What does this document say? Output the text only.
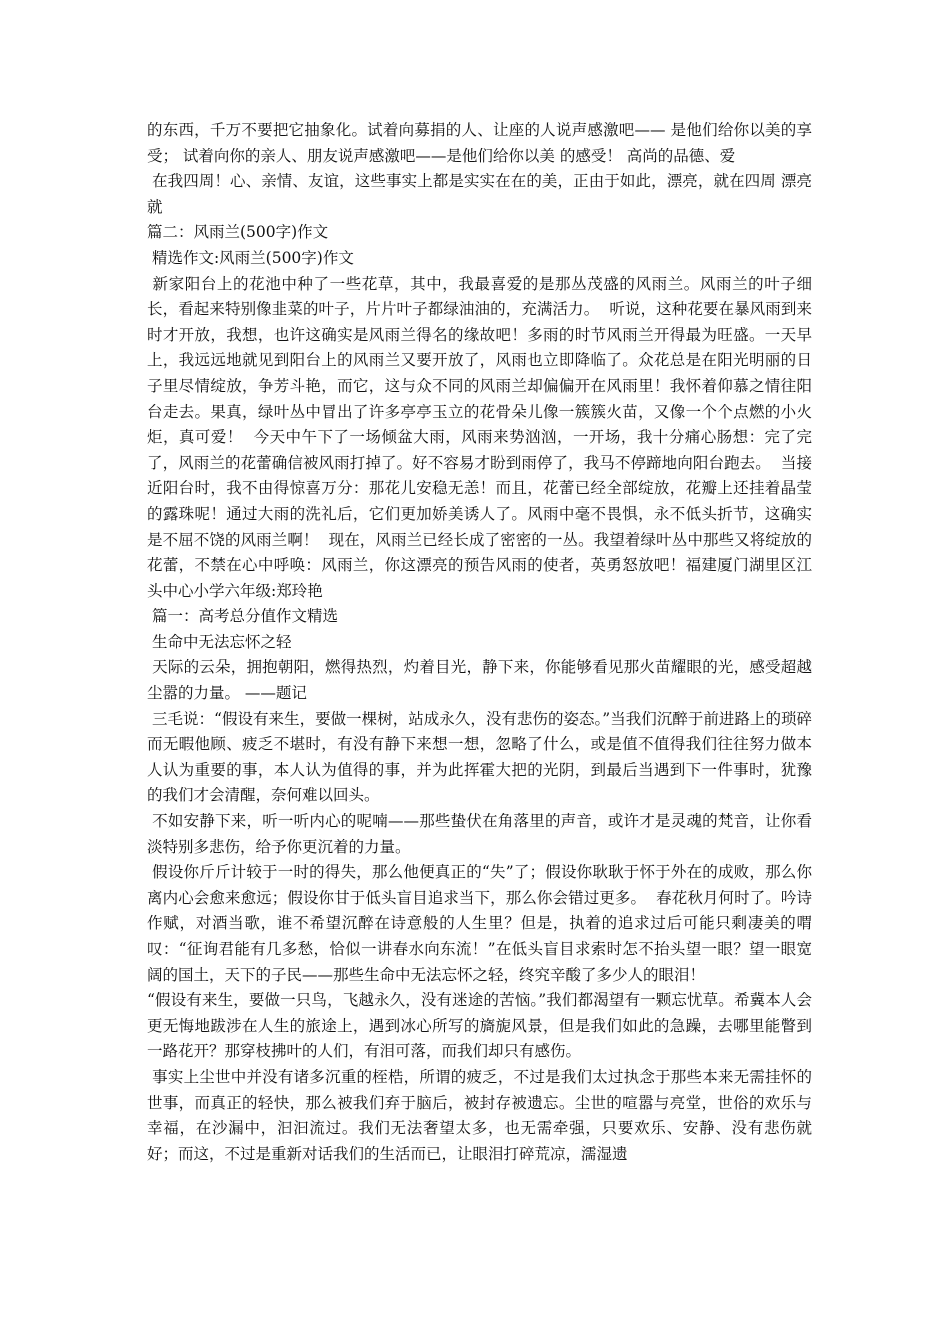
的东西，千万不要把它抽象化。试着向募捐的人、让座的人说声感激吧—— 是他们给你以美的享受； 试着向你的亲人、朋友说声感激吧——是他们给你以美 的感受！ 高尚的品德、爱

在我四周！心、亲情、友谊，这些事实上都是实实在在的美，正由于如此，漂亮，就在四周 漂亮就

篇二：风雨兰(500字)作文

精选作文:风雨兰(500字)作文

新家阳台上的花池中种了一些花草，其中，我最喜爱的是那丛茂盛的风雨兰。风雨兰的叶子细长，看起来特别像韭菜的叶子，片片叶子都绿油油的，充满活力。  听说，这种花要在暴风雨到来时才开放，我想，也许这确实是风雨兰得名的缘故吧！多雨的时节风雨兰开得最为旺盛。一天早上，我远远地就见到阳台上的风雨兰又要开放了，风雨也立即降临了。众花总是在阳光明丽的日子里尽情绽放，争芳斗艳，而它，这与众不同的风雨兰却偏偏开在风雨里！我怀着仰慕之情往阳台走去。果真，绿叶丛中冒出了许多亭亭玉立的花骨朵儿像一簇簇火苗，又像一个个点燃的小火炬，真可爱！  今天中午下了一场倾盆大雨，风雨来势汹汹，一开场，我十分痛心肠想：完了完了，风雨兰的花蕾确信被风雨打掉了。好不容易才盼到雨停了，我马不停蹄地向阳台跑去。  当接近阳台时，我不由得惊喜万分：那花儿安稳无恙！而且，花蕾已经全部绽放，花瓣上还挂着晶莹的露珠呢！通过大雨的洗礼后，它们更加娇美诱人了。风雨中毫不畏惧，永不低头折节，这确实是不屈不饶的风雨兰啊！  现在，风雨兰已经长成了密密的一丛。我望着绿叶丛中那些又将绽放的花蕾，不禁在心中呼唤：风雨兰，你这漂亮的预告风雨的使者，英勇怒放吧！福建厦门湖里区江头中心小学六年级:郑玲艳

篇一：高考总分值作文精选

生命中无法忘怀之轻

天际的云朵，拥抱朝阳，燃得热烈，灼着目光，静下来，你能够看见那火苗耀眼的光，感受超越尘嚣的力量。 ——题记

三毛说：“假设有来生，要做一棵树，站成永久，没有悲伤的姿态。”当我们沉醉于前进路上的琐碎而无暇他顾、疲乏不堪时，有没有静下来想一想，忽略了什么，或是值不值得我们往往努力做本人认为重要的事，本人认为值得的事，并为此挥霍大把的光阴，到最后当遇到下一件事时，犹豫的我们才会清醒，奈何难以回头。

不如安静下来，听一听内心的呢喃——那些蛰伏在角落里的声音，或许才是灵魂的梵音，让你看淡特别多悲伤，给予你更沉着的力量。

假设你斤斤计较于一时的得失，那么他便真正的“失”了；假设你耿耿于怀于外在的成败，那么你离内心会愈来愈远；假设你甘于低头盲目追求当下，那么你会错过更多。  春花秋月何时了。吟诗作赋，对酒当歌，谁不希望沉醉在诗意般的人生里？但是，执着的追求过后可能只剩凄美的喟叹：“征询君能有几多愁，恰似一讲春水向东流！”在低头盲目求索时怎不抬头望一眼？望一眼宽阔的国土，天下的子民——那些生命中无法忘怀之轻，终究辛酸了多少人的眼泪！

“假设有来生，要做一只鸟，飞越永久，没有迷途的苦恼。”我们都渴望有一颗忘忧草。希冀本人会更无悔地跋涉在人生的旅途上，遇到冰心所写的旖旎风景，但是我们如此的急躁，去哪里能瞥到一路花开？那穿枝拂叶的人们，有泪可落，而我们却只有感伤。

事实上尘世中并没有诸多沉重的桎梏，所谓的疲乏，不过是我们太过执念于那些本来无需挂怀的世事，而真正的轻快，那么被我们弃于脑后，被封存被遗忘。尘世的喧嚣与亮堂，世俗的欢乐与幸福，在沙漏中，汩汩流过。我们无法奢望太多，也无需牵强，只要欢乐、安静、没有悲伤就好；而这，不过是重新对话我们的生活而已，让眼泪打碎荒凉，濡湿遗
